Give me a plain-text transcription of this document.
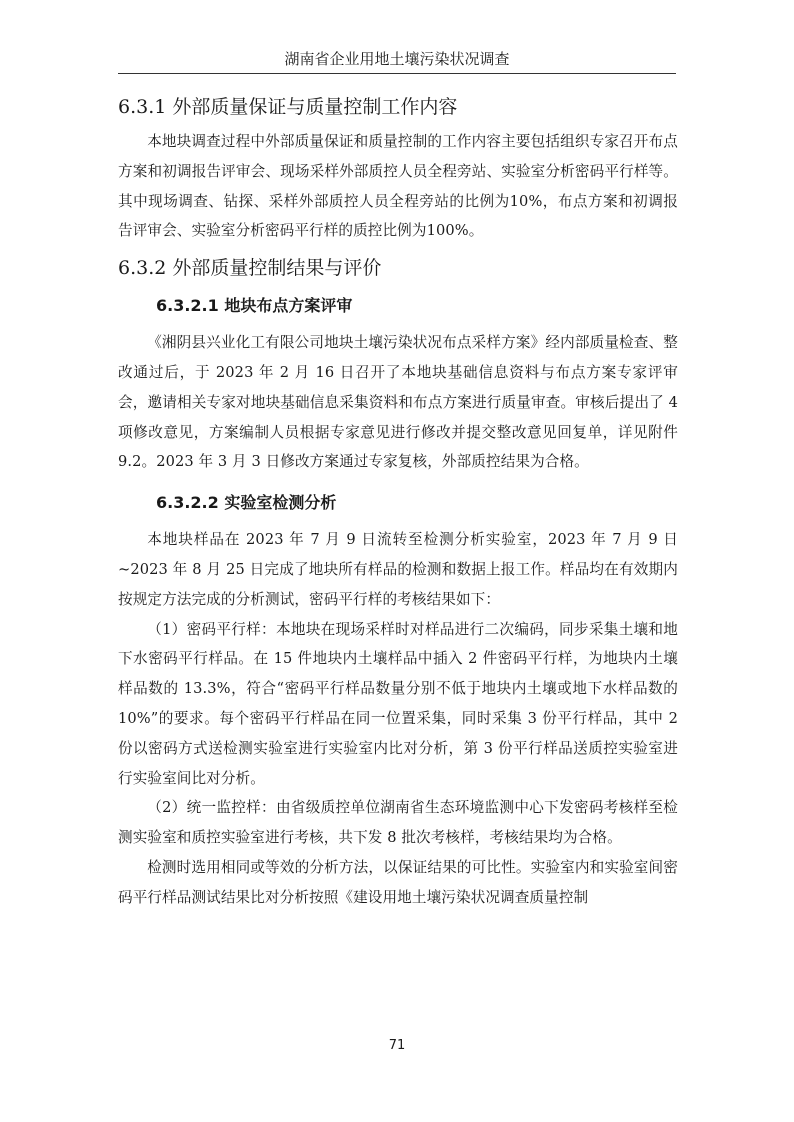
湖南省企业用地土壤污染状况调查
6.3.1 外部质量保证与质量控制工作内容

本地块调查过程中外部质量保证和质量控制的工作内容主要包括组织专家召开布点方案和初调报告评审会、现场采样外部质控人员全程旁站、实验室分析密码平行样等。其中现场调查、钻探、采样外部质控人员全程旁站的比例为10%，布点方案和初调报告评审会、实验室分析密码平行样的质控比例为100%。

6.3.2 外部质量控制结果与评价
6.3.2.1 地块布点方案评审

《湘阴县兴业化工有限公司地块土壤污染状况布点采样方案》经内部质量检查、整改通过后，于 2023 年 2 月 16 日召开了本地块基础信息资料与布点方案专家评审会，邀请相关专家对地块基础信息采集资料和布点方案进行质量审查。审核后提出了 4 项修改意见，方案编制人员根据专家意见进行修改并提交整改意见回复单，详见附件 9.2。2023 年 3 月 3 日修改方案通过专家复核，外部质控结果为合格。

6.3.2.2 实验室检测分析

本地块样品在 2023 年 7 月 9 日流转至检测分析实验室，2023 年 7 月 9 日~2023 年 8 月 25 日完成了地块所有样品的检测和数据上报工作。样品均在有效期内按规定方法完成的分析测试，密码平行样的考核结果如下：

（1）密码平行样：本地块在现场采样时对样品进行二次编码，同步采集土壤和地下水密码平行样品。在 15 件地块内土壤样品中插入 2 件密码平行样，为地块内土壤样品数的 13.3%，符合“密码平行样品数量分别不低于地块内土壤或地下水样品数的 10%”的要求。每个密码平行样品在同一位置采集，同时采集 3 份平行样品，其中 2 份以密码方式送检测实验室进行实验室内比对分析，第 3 份平行样品送质控实验室进行实验室间比对分析。

（2）统一监控样：由省级质控单位湖南省生态环境监测中心下发密码考核样至检测实验室和质控实验室进行考核，共下发 8 批次考核样，考核结果均为合格。

检测时选用相同或等效的分析方法，以保证结果的可比性。实验室内和实验室间密码平行样品测试结果比对分析按照《建设用地土壤污染状况调查质量控制

71
